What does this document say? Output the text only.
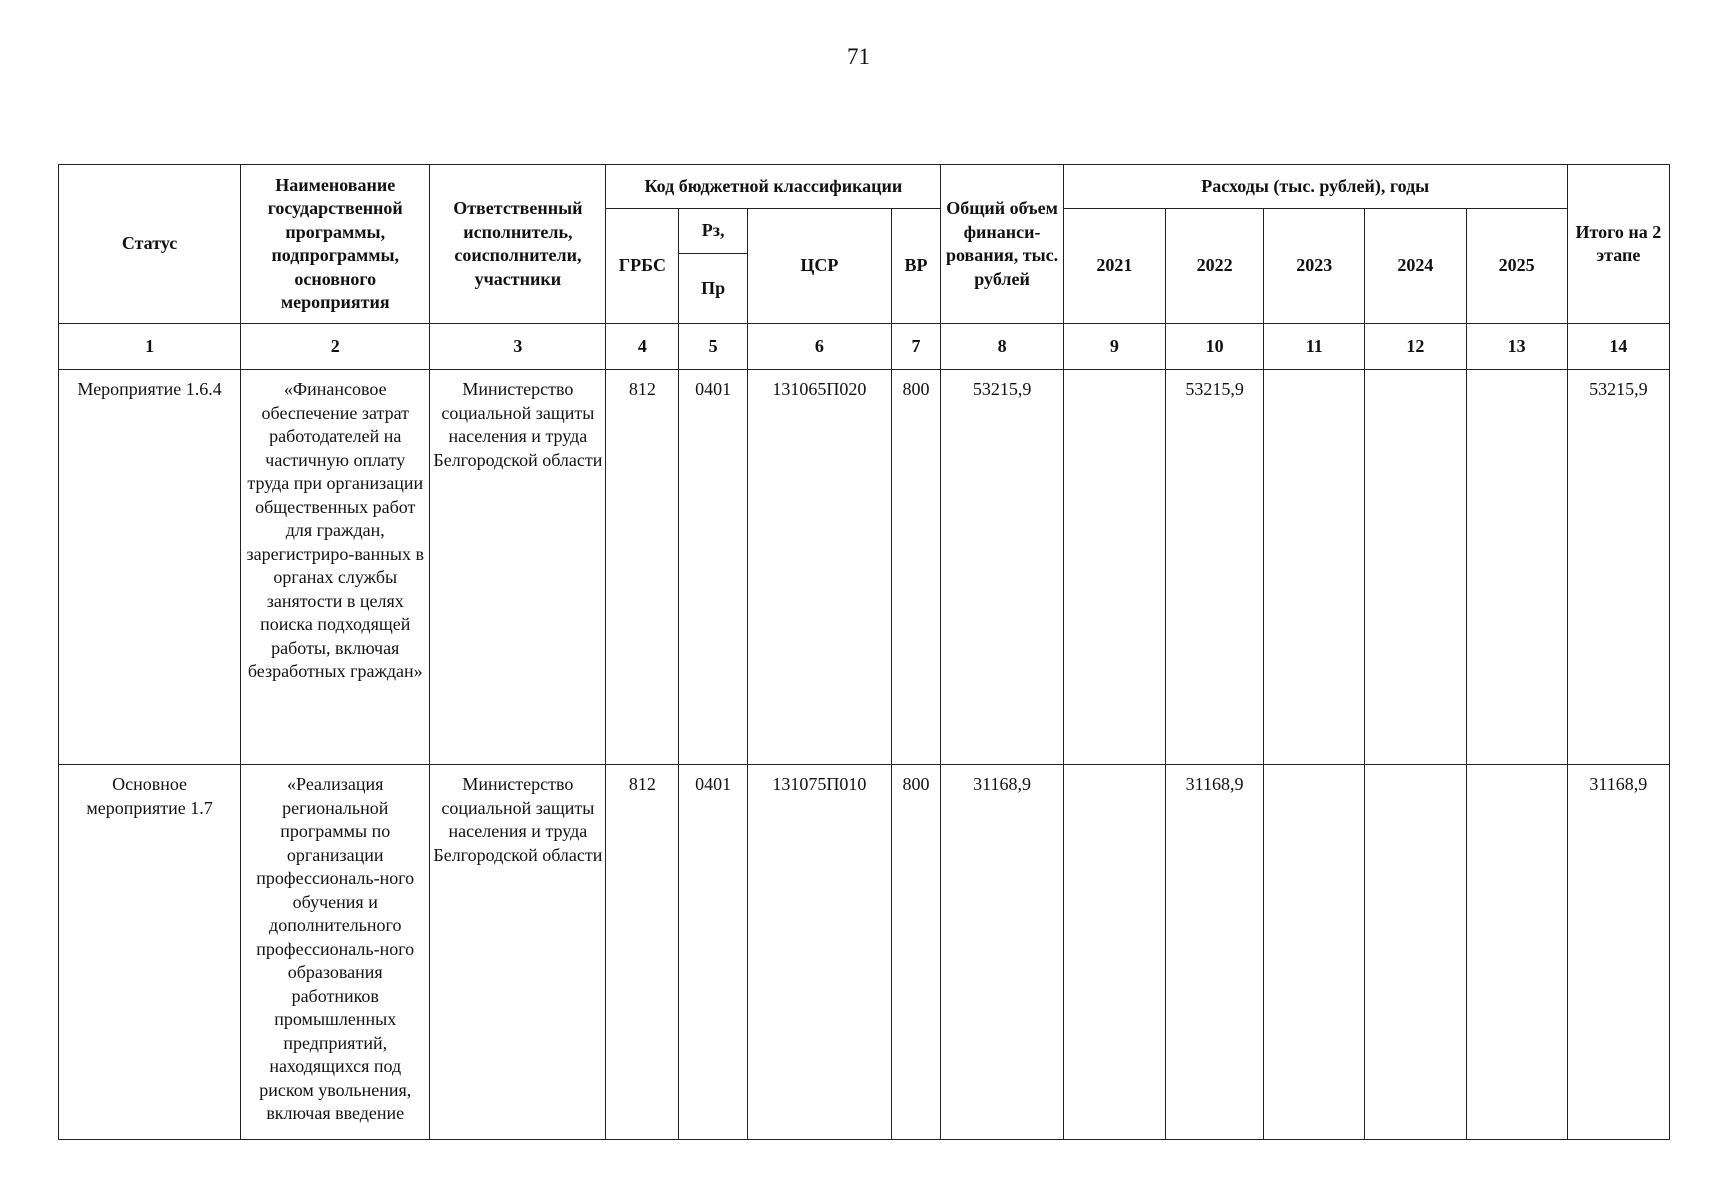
71
Статус	Наименование государственной программы, подпрограммы, основного мероприятия	Ответственный исполнитель, соисполнители, участники	Код бюджетной классификации				Общий объем финанси-рования, тыс. рублей	Расходы (тыс. рублей), годы					Итого на 2 этапе
			ГРБС	Рз,	ЦСР	ВР		2021	2022	2023	2024	2025	
				Пр									
1	2	3	4	5	6	7	8	9	10	11	12	13	14
Мероприятие 1.6.4	«Финансовое обеспечение затрат работодателей на частичную оплату труда при организации общественных работ для граждан, зарегистриро-ванных в органах службы занятости в целях поиска подходящей работы, включая безработных граждан»	Министерство социальной защиты населения и труда Белгородской области	812	0401	131065П020	800	53215,9		53215,9				53215,9
Основное мероприятие 1.7	«Реализация региональной программы по организации профессиональ-ного обучения и дополнительного профессиональ-ного образования работников промышленных предприятий, находящихся под риском увольнения, включая введение	Министерство социальной защиты населения и труда Белгородской области	812	0401	131075П010	800	31168,9		31168,9				31168,9
